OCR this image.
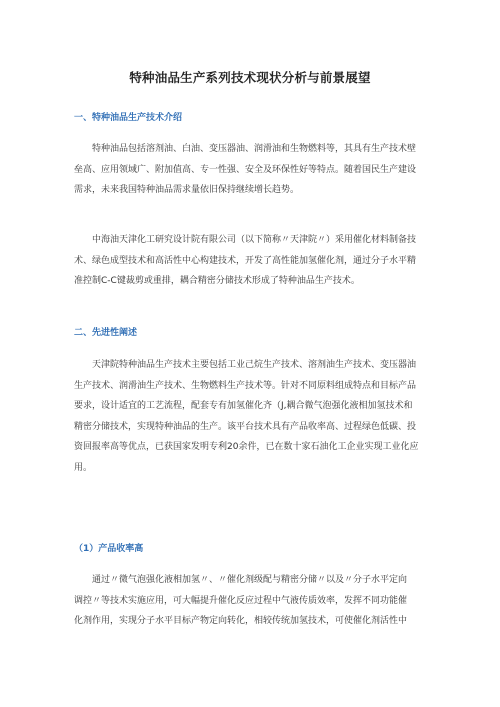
特种油品生产系列技术现状分析与前景展望
一、特种油品生产技术介绍

特种油品包括溶剂油、白油、变压器油、润滑油和生物燃料等，其具有生产技术壁
垒高、应用领域广、附加值高、专一性强、安全及环保性好等特点。随着国民生产建设
需求，未来我国特种油品需求量依旧保持继续增长趋势。

中海油天津化工研究设计院有限公司（以下简称〃天津院〃）采用催化材料制备技
术、绿色成型技术和高活性中心构建技术，开发了高性能加氢催化剂，通过分子水平精
准控制C-C键裁剪或重排，耦合精密分储技术形成了特种油品生产技术。

二、先进性阐述

天津院特种油品生产技术主要包括工业己烷生产技术、溶剂油生产技术、变压器油
生产技术、润滑油生产技术、生物燃料生产技术等。针对不同原料组成特点和目标产品
要求，设计适宜的工艺流程，配套专有加氢催化齐（J,耦合微气泡强化液相加氢技术和
精密分储技术，实现特种油品的生产。该平台技术具有产品收率高、过程绿色低碳、投
资回报率高等优点，已获国家发明专利20余件，已在数十家石油化工企业实现工业化应
用。

（1）产品收率高

通过〃微气泡强化液相加氢〃、〃催化剂级配与精密分储〃以及〃分子水平定向
调控〃等技术实施应用，可大幅提升催化反应过程中气液传质效率，发挥不同功能催
化剂作用，实现分子水平目标产物定向转化，相较传统加氢技术，可使催化剂活性中
